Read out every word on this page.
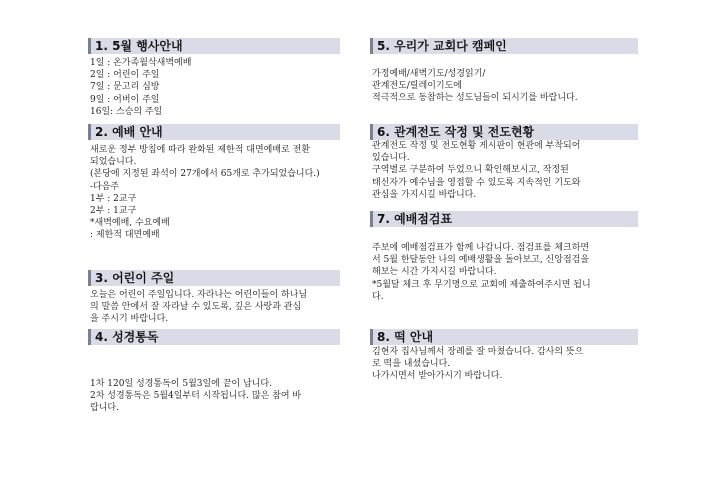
1. 5월 행사안내
1일 : 온가족월삭새벽예배
2일 : 어린이 주일
7일 : 문고리 심방
9일 : 어버이 주일
16일: 스승의 주일
2. 예배 안내
새로운 정부 방침에 따라 완화된 제한적 대면예배로 전환
되었습니다.
(본당에 지정된 좌석이 27개에서 65개로 추가되었습니다.)
-다음주
1부 : 2교구
2부 : 1교구
*새벽예배, 수요예배
: 제한적 대면예배
3. 어린이 주일
오늘은 어린이 주일입니다. 자라나는 어린이들이 하나님
의 말씀 안에서 잘 자라날 수 있도록, 깊은 사랑과 관심
을 주시기 바랍니다.
4. 성경통독
1차 120일 성경통독이 5월3일에 끝이 납니다.
2차 성경통독은 5월4일부터 시작됩니다. 많은 참여 바
랍니다.
5. 우리가 교회다 캠페인
가정예배/새벽기도/성경읽기/
관계전도/릴레이기도에
적극적으로 동참하는 성도님들이 되시기를 바랍니다.
6. 관계전도 작정 및 전도현황
관계전도 작정 및 전도현황 게시판이 현관에 부착되어
있습니다.
구역별로 구분하여 두었으니 확인해보시고, 작정된
태신자가 예수님을 영접할 수 있도록 지속적인 기도와
관심을 가지시길 바랍니다.
7. 예배점검표
주보에 예배점검표가 함께 나갑니다. 점검표를 체크하면
서 5월 한달동안 나의 예배생활을 돌아보고, 신앙점검을
해보는 시간 가지시길 바랍니다.
*5월달 체크 후 무기명으로 교회에 제출하여주시면 됩니
다.
8. 떡 안내
김현자 집사님께서 장례를 잘 마쳤습니다. 감사의 뜻으
로 떡을 내셨습니다.
나가시면서 받아가시기 바랍니다.
